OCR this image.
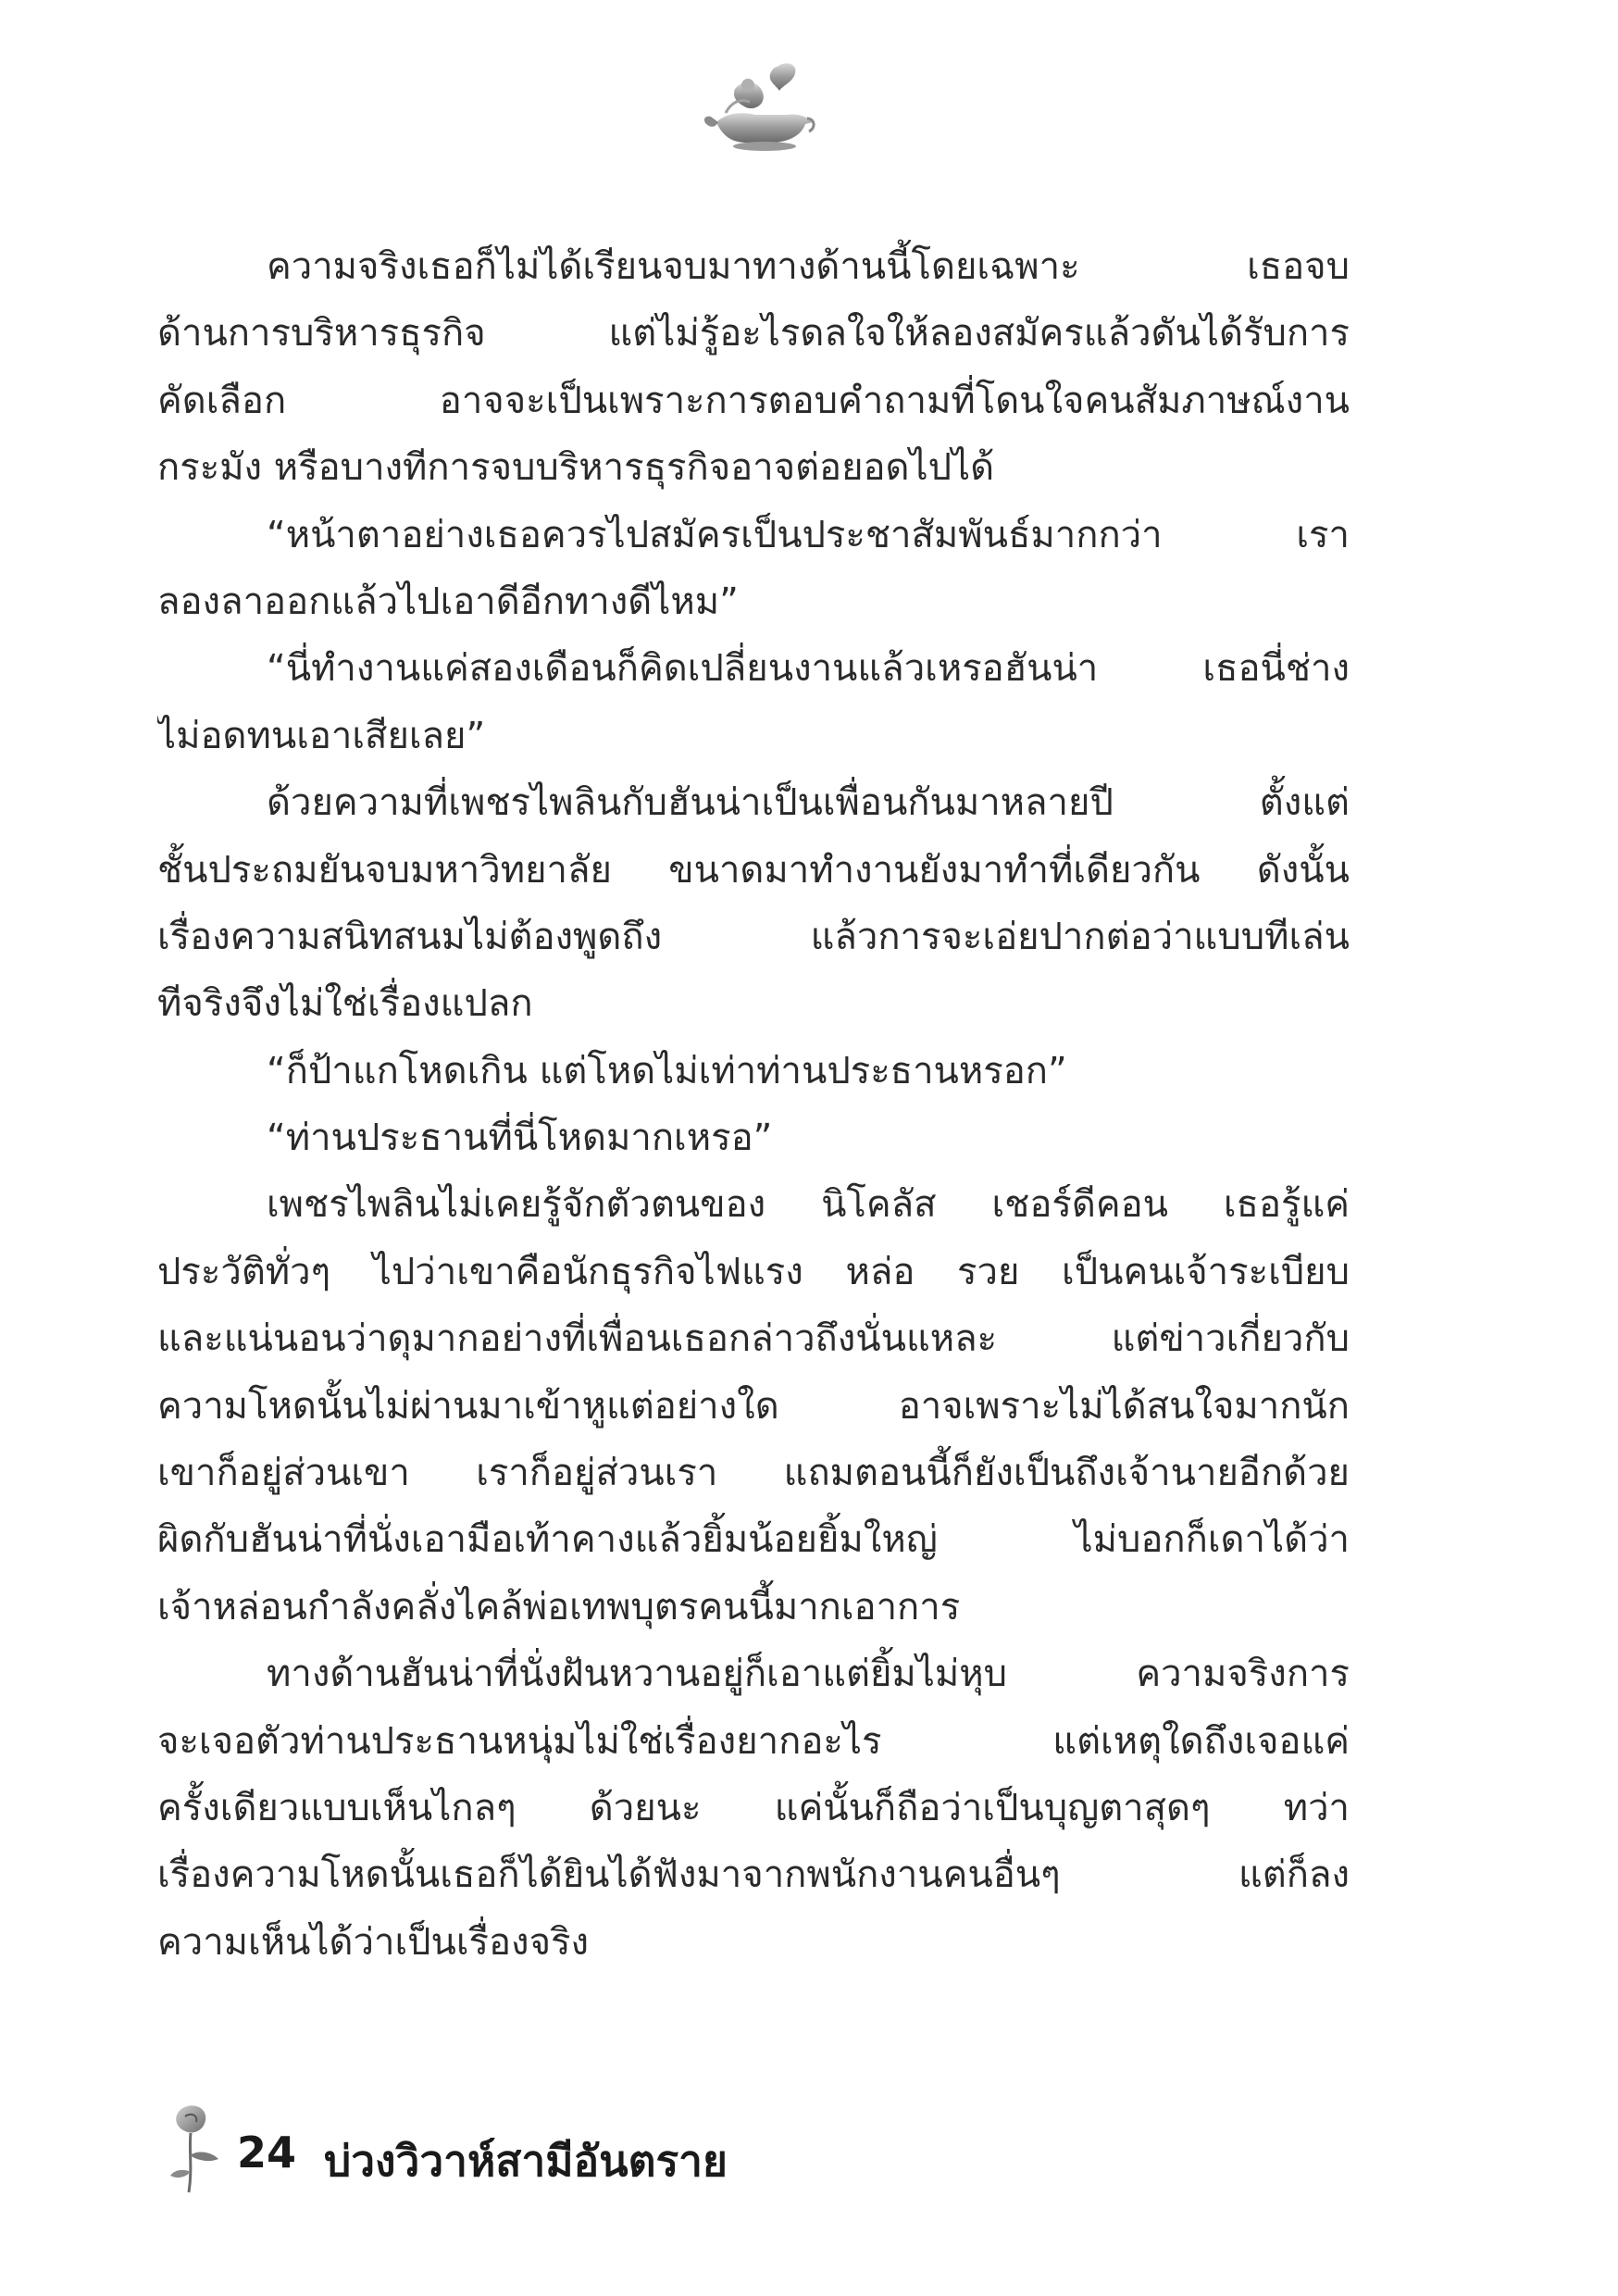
ความจริงเธอก็ไม่ได้เรียนจบมาทางด้านนี้โดยเฉพาะ เธอจบ
ด้านการบริหารธุรกิจ แต่ไม่รู้อะไรดลใจให้ลองสมัครแล้วดันได้รับการ
คัดเลือก อาจจะเป็นเพราะการตอบคำถามที่โดนใจคนสัมภาษณ์งาน
กระมัง หรือบางทีการจบบริหารธุรกิจอาจต่อยอดไปได้
“หน้าตาอย่างเธอควรไปสมัครเป็นประชาสัมพันธ์มากกว่า เรา
ลองลาออกแล้วไปเอาดีอีกทางดีไหม”
“นี่ทำงานแค่สองเดือนก็คิดเปลี่ยนงานแล้วเหรอฮันน่า เธอนี่ช่าง
ไม่อดทนเอาเสียเลย”
ด้วยความที่เพชรไพลินกับฮันน่าเป็นเพื่อนกันมาหลายปี ตั้งแต่
ชั้นประถมยันจบมหาวิทยาลัย ขนาดมาทำงานยังมาทำที่เดียวกัน ดังนั้น
เรื่องความสนิทสนมไม่ต้องพูดถึง แล้วการจะเอ่ยปากต่อว่าแบบทีเล่น
ทีจริงจึงไม่ใช่เรื่องแปลก
“ก็ป้าแกโหดเกิน แต่โหดไม่เท่าท่านประธานหรอก”
“ท่านประธานที่นี่โหดมากเหรอ”
เพชรไพลินไม่เคยรู้จักตัวตนของ นิโคลัส เชอร์ดีคอน เธอรู้แค่
ประวัติทั่วๆ ไปว่าเขาคือนักธุรกิจไฟแรง หล่อ รวย เป็นคนเจ้าระเบียบ
และแน่นอนว่าดุมากอย่างที่เพื่อนเธอกล่าวถึงนั่นแหละ แต่ข่าวเกี่ยวกับ
ความโหดนั้นไม่ผ่านมาเข้าหูแต่อย่างใด อาจเพราะไม่ได้สนใจมากนัก
เขาก็อยู่ส่วนเขา เราก็อยู่ส่วนเรา แถมตอนนี้ก็ยังเป็นถึงเจ้านายอีกด้วย
ผิดกับฮันน่าที่นั่งเอามือเท้าคางแล้วยิ้มน้อยยิ้มใหญ่ ไม่บอกก็เดาได้ว่า
เจ้าหล่อนกำลังคลั่งไคล้พ่อเทพบุตรคนนี้มากเอาการ
ทางด้านฮันน่าที่นั่งฝันหวานอยู่ก็เอาแต่ยิ้มไม่หุบ ความจริงการ
จะเจอตัวท่านประธานหนุ่มไม่ใช่เรื่องยากอะไร แต่เหตุใดถึงเจอแค่
ครั้งเดียวแบบเห็นไกลๆ ด้วยนะ แค่นั้นก็ถือว่าเป็นบุญตาสุดๆ ทว่า
เรื่องความโหดนั้นเธอก็ได้ยินได้ฟังมาจากพนักงานคนอื่นๆ แต่ก็ลง
ความเห็นได้ว่าเป็นเรื่องจริง
24 บ่วงวิวาห์สามีอันตราย
